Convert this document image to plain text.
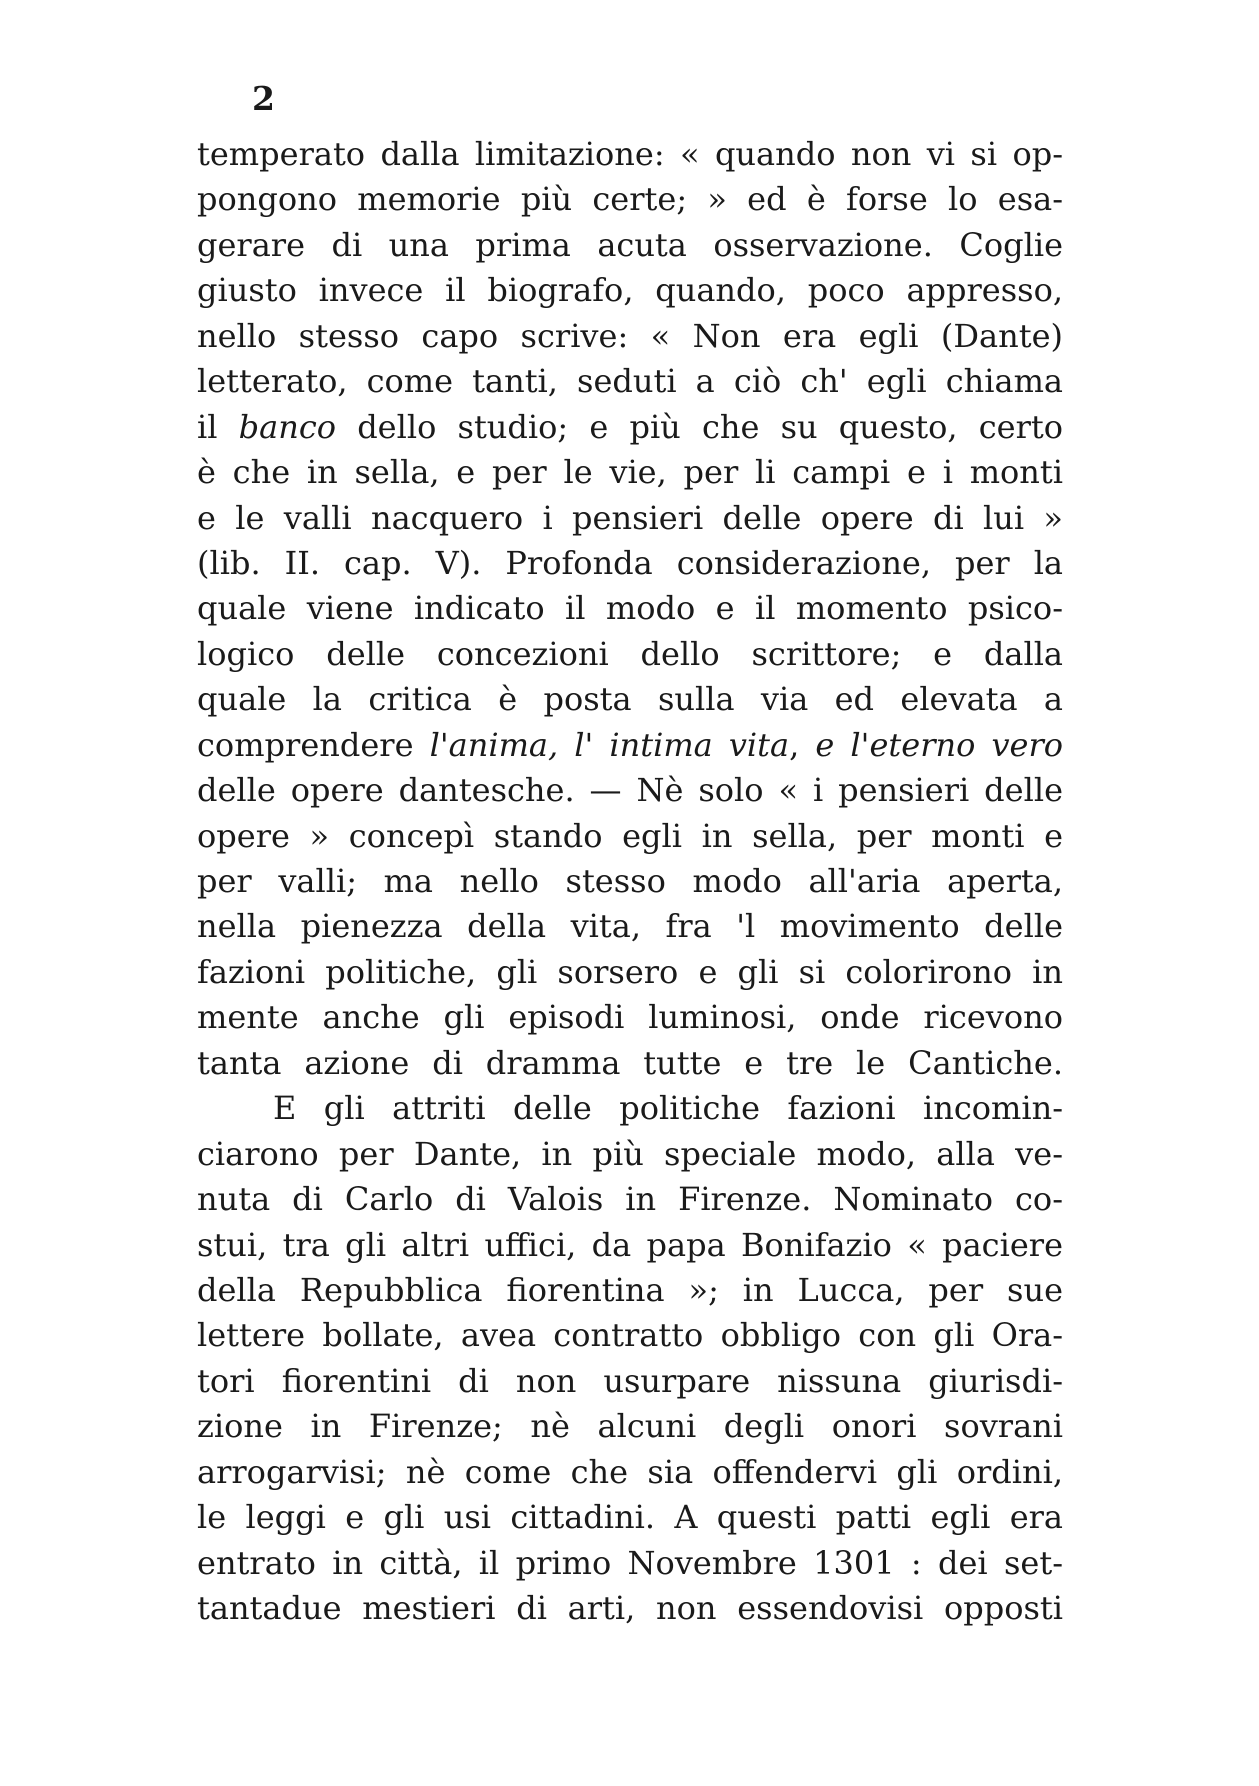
2
temperato dalla limitazione: « quando non vi si op-
pongono memorie più certe; » ed è forse lo esa-
gerare di una prima acuta osservazione. Coglie
giusto invece il biografo, quando, poco appresso,
nello stesso capo scrive: « Non era egli (Dante)
letterato, come tanti, seduti a ciò ch' egli chiama
il banco dello studio; e più che su questo, certo
è che in sella, e per le vie, per li campi e i monti
e le valli nacquero i pensieri delle opere di lui »
(lib. II. cap. V). Profonda considerazione, per la
quale viene indicato il modo e il momento psico-
logico delle concezioni dello scrittore; e dalla
quale la critica è posta sulla via ed elevata a
comprendere l'anima, l' intima vita, e l'eterno vero
delle opere dantesche. — Nè solo « i pensieri delle
opere » concepì stando egli in sella, per monti e
per valli; ma nello stesso modo all'aria aperta,
nella pienezza della vita, fra 'l movimento delle
fazioni politiche, gli sorsero e gli si colorirono in
mente anche gli episodi luminosi, onde ricevono
tanta azione di dramma tutte e tre le Cantiche.
E gli attriti delle politiche fazioni incomin-
ciarono per Dante, in più speciale modo, alla ve-
nuta di Carlo di Valois in Firenze. Nominato co-
stui, tra gli altri uffici, da papa Bonifazio « paciere
della Repubblica fiorentina »; in Lucca, per sue
lettere bollate, avea contratto obbligo con gli Ora-
tori fiorentini di non usurpare nissuna giurisdi-
zione in Firenze; nè alcuni degli onori sovrani
arrogarvisi; nè come che sia offendervi gli ordini,
le leggi e gli usi cittadini. A questi patti egli era
entrato in città, il primo Novembre 1301 : dei set-
tantadue mestieri di arti, non essendovisi opposti
